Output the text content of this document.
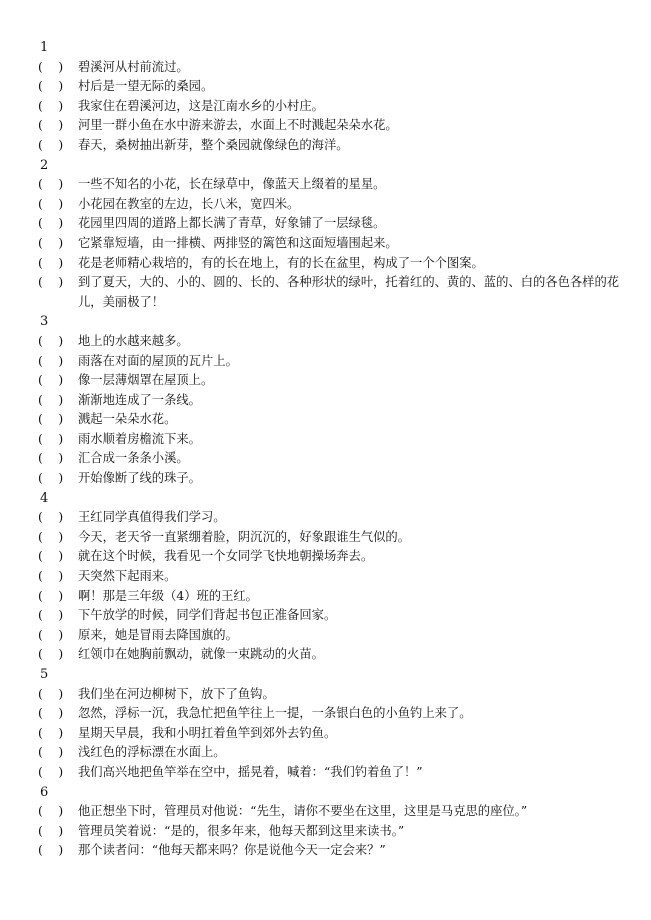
1
(    )	碧溪河从村前流过。
(    )	村后是一望无际的桑园。
(    )	我家住在碧溪河边，这是江南水乡的小村庄。
(    )	河里一群小鱼在水中游来游去，水面上不时溅起朵朵水花。
(    )	春天，桑树抽出新芽，整个桑园就像绿色的海洋。
2
(    )	一些不知名的小花，长在绿草中，像蓝天上缀着的星星。
(    )	小花园在教室的左边，长八米，宽四米。
(    )	花园里四周的道路上都长满了青草，好象铺了一层绿毯。
(    )	它紧靠短墙，由一排横、两排竖的篱笆和这面短墙围起来。
(    )	花是老师精心栽培的，有的长在地上，有的长在盆里，构成了一个个图案。
(    )	到了夏天，大的、小的、圆的、长的、各种形状的绿叶，托着红的、黄的、蓝的、白的各色各样的花儿，美丽极了！
3
(    )	地上的水越来越多。
(    )	雨落在对面的屋顶的瓦片上。
(    )	像一层薄烟罩在屋顶上。
(    )	渐渐地连成了一条线。
(    )	溅起一朵朵水花。
(    )	雨水顺着房檐流下来。
(    )	汇合成一条条小溪。
(    )	开始像断了线的珠子。
4
(    )	王红同学真值得我们学习。
(    )	今天，老天爷一直紧绷着脸，阴沉沉的，好象跟谁生气似的。
(    )	就在这个时候，我看见一个女同学飞快地朝操场奔去。
(    )	天突然下起雨来。
(    )	啊！那是三年级（4）班的王红。
(    )	下午放学的时候，同学们背起书包正准备回家。
(    )	原来，她是冒雨去降国旗的。
(    )	红领巾在她胸前飘动，就像一束跳动的火苗。
5
(    )	我们坐在河边柳树下，放下了鱼钩。
(    )	忽然，浮标一沉，我急忙把鱼竿往上一提，一条银白色的小鱼钓上来了。
(    )	星期天早晨，我和小明扛着鱼竿到郊外去钓鱼。
(    )	浅红色的浮标漂在水面上。
(    )	我们高兴地把鱼竿举在空中，摇晃着，喊着：“我们钓着鱼了！”
6
(    )	他正想坐下时，管理员对他说：“先生，请你不要坐在这里，这里是马克思的座位。”
(    )	管理员笑着说：“是的，很多年来，他每天都到这里来读书。”
(    )	那个读者问：“他每天都来吗？你是说他今天一定会来？”
